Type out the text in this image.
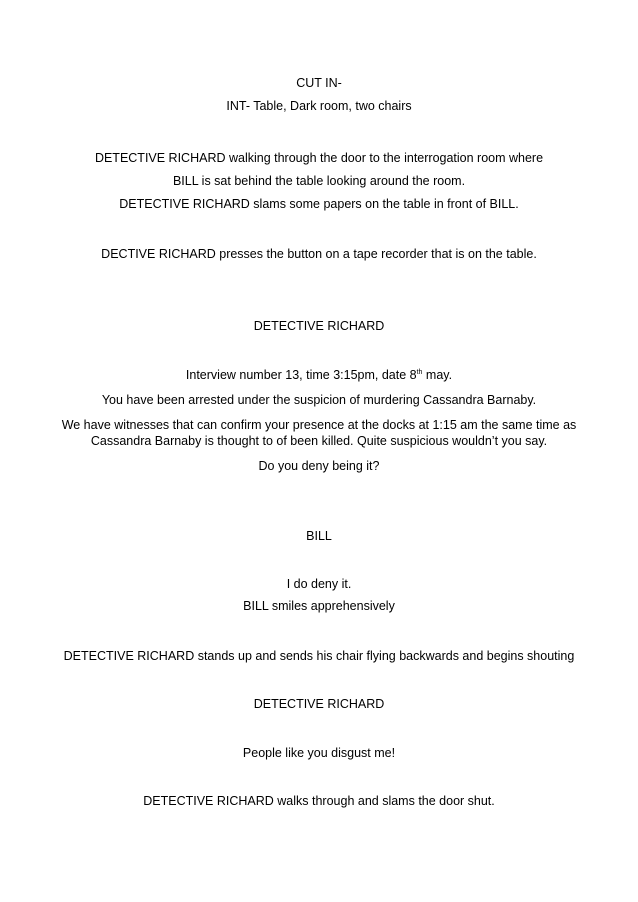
CUT IN-
INT- Table, Dark room, two chairs
DETECTIVE RICHARD walking through the door to the interrogation room where
BILL is sat behind the table looking around the room.
DETECTIVE RICHARD slams some papers on the table in front of BILL.
DECTIVE RICHARD presses the button on a tape recorder that is on the table.
DETECTIVE RICHARD
Interview number 13, time 3:15pm, date 8th may.
You have been arrested under the suspicion of murdering Cassandra Barnaby.
We have witnesses that can confirm your presence at the docks at 1:15 am the same time as
Cassandra Barnaby is thought to of been killed. Quite suspicious wouldn’t you say.
Do you deny being it?
BILL
I do deny it.
BILL smiles apprehensively
DETECTIVE RICHARD stands up and sends his chair flying backwards and begins shouting
DETECTIVE RICHARD
People like you disgust me!
DETECTIVE RICHARD walks through and slams the door shut.
